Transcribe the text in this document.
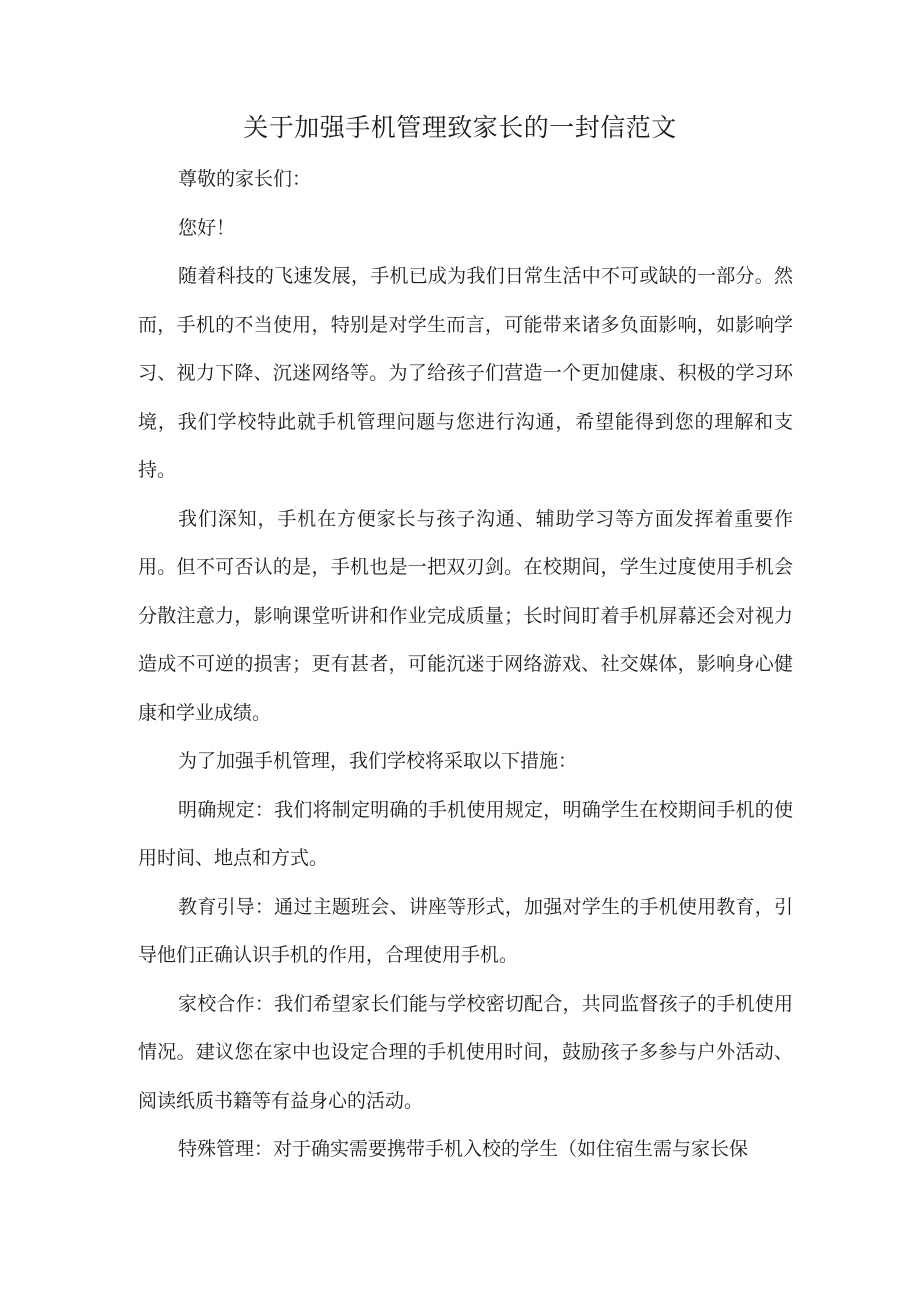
关于加强手机管理致家长的一封信范文

尊敬的家长们：

您好！

随着科技的飞速发展，手机已成为我们日常生活中不可或缺的一部分。然而，手机的不当使用，特别是对学生而言，可能带来诸多负面影响，如影响学习、视力下降、沉迷网络等。为了给孩子们营造一个更加健康、积极的学习环境，我们学校特此就手机管理问题与您进行沟通，希望能得到您的理解和支持。

我们深知，手机在方便家长与孩子沟通、辅助学习等方面发挥着重要作用。但不可否认的是，手机也是一把双刃剑。在校期间，学生过度使用手机会分散注意力，影响课堂听讲和作业完成质量；长时间盯着手机屏幕还会对视力造成不可逆的损害；更有甚者，可能沉迷于网络游戏、社交媒体，影响身心健康和学业成绩。

为了加强手机管理，我们学校将采取以下措施：

明确规定：我们将制定明确的手机使用规定，明确学生在校期间手机的使用时间、地点和方式。

教育引导：通过主题班会、讲座等形式，加强对学生的手机使用教育，引导他们正确认识手机的作用，合理使用手机。

家校合作：我们希望家长们能与学校密切配合，共同监督孩子的手机使用情况。建议您在家中也设定合理的手机使用时间，鼓励孩子多参与户外活动、阅读纸质书籍等有益身心的活动。

特殊管理：对于确实需要携带手机入校的学生（如住宿生需与家长保
